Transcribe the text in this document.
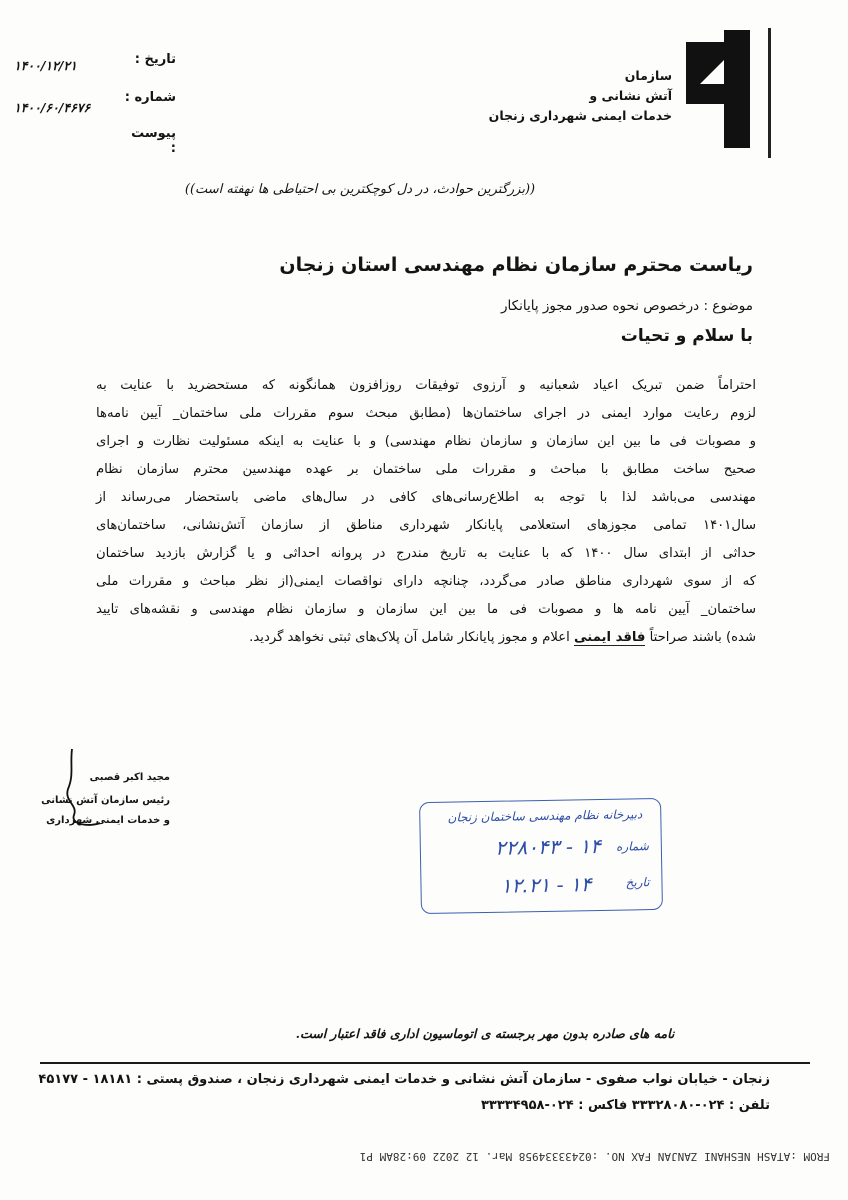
سازمان
آتش نشانی و
خدمات ایمنی شهرداری زنجان
تاریخ :
۱۴۰۰/۱۲/۲۱
شماره :
۱۴۰۰/۶۰/۴۶۷۶
پیوست :
((بزرگترین حوادث، در دل کوچکترین بی احتیاطی ها نهفته است))
ریاست محترم سازمان نظام مهندسی استان زنجان
موضوع : درخصوص نحوه صدور مجوز پایانکار
با سلام و تحیات
احتراماً ضمن تبریک اعیاد شعبانیه و آرزوی توفیقات روزافزون همانگونه که مستحضرید با عنایت به
لزوم رعایت موارد ایمنی در اجرای ساختمان‌ها (مطابق مبحث سوم مقررات ملی ساختمان_ آیین نامه‌ها
و مصوبات فی ما بین این سازمان و سازمان نظام مهندسی) و با عنایت به اینکه مسئولیت نظارت و اجرای
صحیح ساخت مطابق با مباحث و مقررات ملی ساختمان بر عهده مهندسین محترم سازمان نظام
مهندسی می‌باشد لذا با توجه به اطلاع‌رسانی‌های کافی در سال‌های ماضی باستحضار می‌رساند از
سال۱۴۰۱ تمامی مجوزهای استعلامی پایانکار شهرداری مناطق از سازمان آتش‌نشانی، ساختمان‌های
حداثی از ابتدای سال ۱۴۰۰ که با عنایت به تاریخ مندرج در پروانه احداثی و یا گزارش بازدید ساختمان
که از سوی شهرداری مناطق صادر می‌گردد، چنانچه دارای نواقصات ایمنی(از نظر مباحث و مقررات ملی
ساختمان_ آیین نامه ها و مصوبات فی ما بین این سازمان و سازمان نظام مهندسی و نقشه‌های تایید
شده) باشند صراحتاً فاقد ایمنی اعلام و مجوز پایانکار شامل آن پلاک‌های ثبتی نخواهد گردید.
مجید اکبر قصبی
رئیس سازمان آتش نشانی
و خدمات ایمنی شهرداری	دبیرخانه نظام مهندسی ساختمان زنجان
شماره
۱۴ - ۲۲۸۰۴۳
تاریخ
۱۴ - ۱۲.۲۱
نامه های صادره بدون مهر برجسته ی اتوماسیون اداری فاقد اعتبار است.
زنجان - خیابان نواب صفوی - سازمان آتش نشانی و خدمات ایمنی شهرداری زنجان ، صندوق پستی : ۱۸۱۸۱ - ۴۵۱۷۷
تلفن : ۰۲۴-۳۳۳۲۸۰۸۰ فاکس : ۰۲۴-۳۳۳۳۴۹۵۸
FROM :ATASH NESHANI ZANJAN FAX NO. :02433334958 Mar. 12 2022 09:28AM P1
